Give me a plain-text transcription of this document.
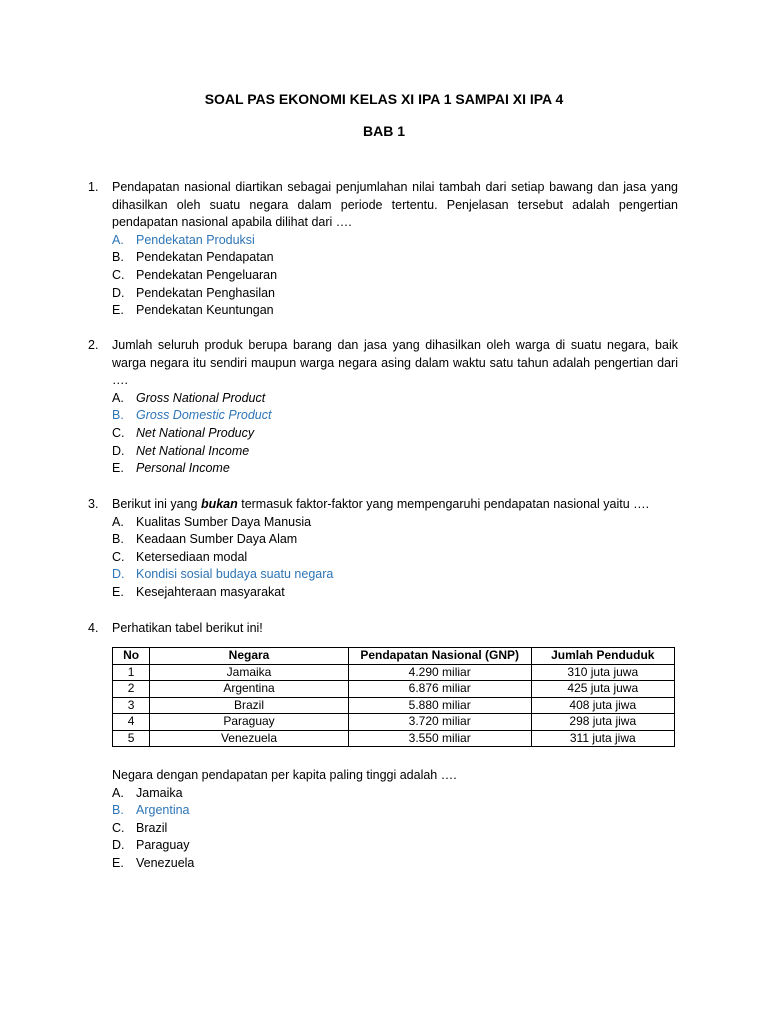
SOAL PAS EKONOMI KELAS XI IPA 1 SAMPAI XI IPA 4
BAB 1
1.	Pendapatan nasional diartikan sebagai penjumlahan nilai tambah dari setiap bawang dan jasa yang dihasilkan oleh suatu negara dalam periode tertentu. Penjelasan tersebut adalah pengertian pendapatan nasional apabila dilihat dari ….
A. Pendekatan Produksi
B. Pendekatan Pendapatan
C. Pendekatan Pengeluaran
D. Pendekatan Penghasilan
E. Pendekatan Keuntungan
2.	Jumlah seluruh produk berupa barang dan jasa yang dihasilkan oleh warga di suatu negara, baik warga negara itu sendiri maupun warga negara asing dalam waktu satu tahun adalah pengertian dari ….
A. Gross National Product
B. Gross Domestic Product
C. Net National Producy
D. Net National Income
E. Personal Income
3.	Berikut ini yang bukan termasuk faktor-faktor yang mempengaruhi pendapatan nasional yaitu ….
A. Kualitas Sumber Daya Manusia
B. Keadaan Sumber Daya Alam
C. Ketersediaan modal
D. Kondisi sosial budaya suatu negara
E. Kesejahteraan masyarakat
4.	Perhatikan tabel berikut ini!
No	Negara	Pendapatan Nasional (GNP)	Jumlah Penduduk
1	Jamaika	4.290 miliar	310 juta juwa
2	Argentina	6.876 miliar	425 juta juwa
3	Brazil	5.880 miliar	408 juta jiwa
4	Paraguay	3.720 miliar	298 juta jiwa
5	Venezuela	3.550 miliar	311 juta jiwa
Negara dengan pendapatan per kapita paling tinggi adalah ….
A. Jamaika
B. Argentina
C. Brazil
D. Paraguay
E. Venezuela
